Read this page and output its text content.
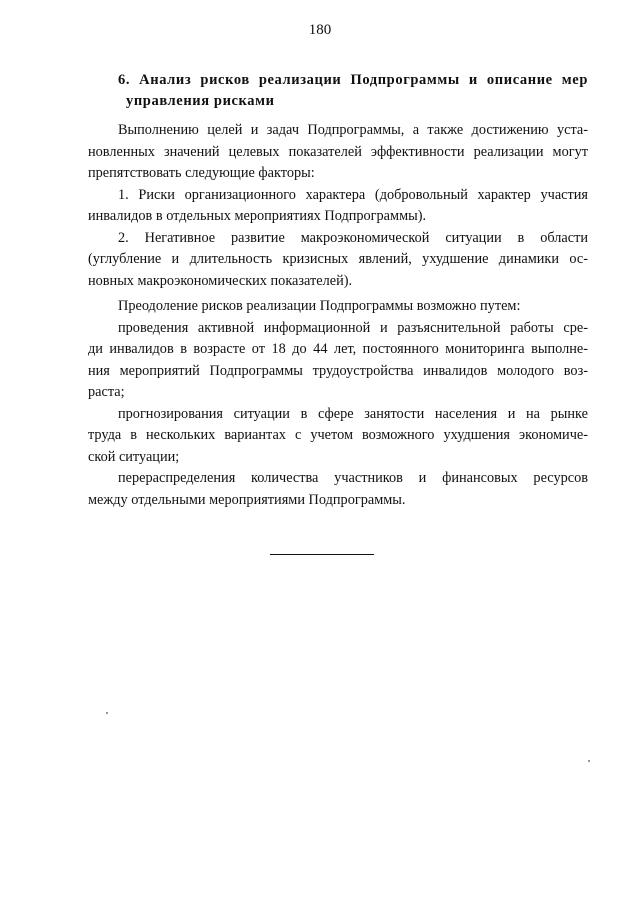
180
6. Анализ рисков реализации Подпрограммы и описание мер
управления рисками
Выполнению целей и задач Подпрограммы, а также достижению уста-
новленных значений целевых показателей эффективности реализации могут
препятствовать следующие факторы:
1. Риски организационного характера (добровольный характер участия
инвалидов в отдельных мероприятиях Подпрограммы).
2. Негативное развитие макроэкономической ситуации в области
(углубление и длительность кризисных явлений, ухудшение динамики ос-
новных макроэкономических показателей).
Преодоление рисков реализации Подпрограммы возможно путем:
проведения активной информационной и разъяснительной работы сре-
ди инвалидов в возрасте от 18 до 44 лет, постоянного мониторинга выполне-
ния мероприятий Подпрограммы трудоустройства инвалидов молодого воз-
раста;
прогнозирования ситуации в сфере занятости населения и на рынке
труда в нескольких вариантах с учетом возможного ухудшения экономиче-
ской ситуации;
перераспределения количества участников и финансовых ресурсов
между отдельными мероприятиями Подпрограммы.
